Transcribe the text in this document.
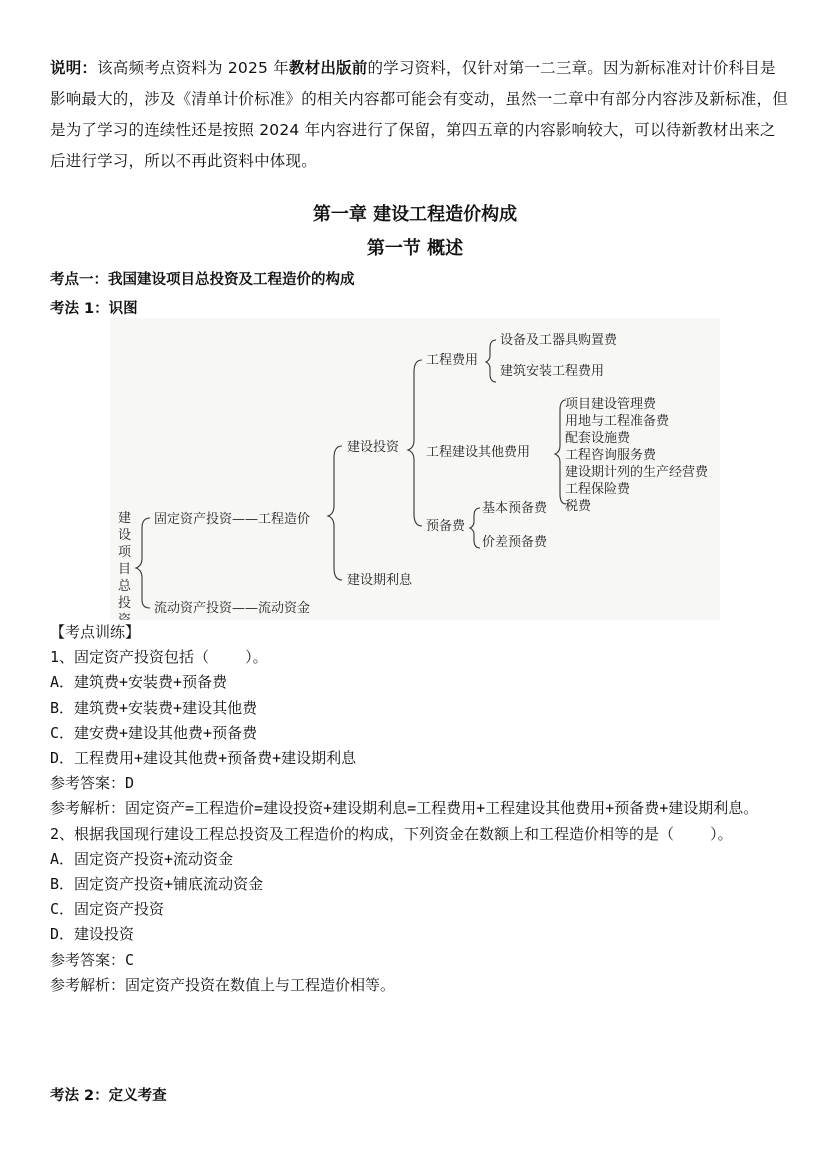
说明：该高频考点资料为 2025 年教材出版前的学习资料，仅针对第一二三章。因为新标准对计价科目是影响最大的，涉及《清单计价标准》的相关内容都可能会有变动，虽然一二章中有部分内容涉及新标准，但是为了学习的连续性还是按照 2024 年内容进行了保留，第四五章的内容影响较大，可以待新教材出来之后进行学习，所以不再此资料中体现。
第一章 建设工程造价构成
第一节 概述
考点一：我国建设项目总投资及工程造价的构成
考法 1：识图
建
设
项
目
总
投
固定资产投资——工程造价
流动资产投资——流动资金
建设投资
建设期利息
工程费用
工程建设其他费用
预备费
设备及工器具购置费
建筑安装工程费用
项目建设管理费
用地与工程准备费
配套设施费
工程咨询服务费
建设期计列的生产经营费
工程保险费
税费
基本预备费
价差预备费
【考点训练】
1、固定资产投资包括（    ）。
A．建筑费+安装费+预备费
B．建筑费+安装费+建设其他费
C．建安费+建设其他费+预备费
D．工程费用+建设其他费+预备费+建设期利息
参考答案：D
参考解析：固定资产=工程造价=建设投资+建设期利息=工程费用+工程建设其他费用+预备费+建设期利息。
2、根据我国现行建设工程总投资及工程造价的构成，下列资金在数额上和工程造价相等的是（    ）。
A．固定资产投资+流动资金
B．固定资产投资+铺底流动资金
C．固定资产投资
D．建设投资
参考答案：C
参考解析：固定资产投资在数值上与工程造价相等。
考法 2：定义考查
